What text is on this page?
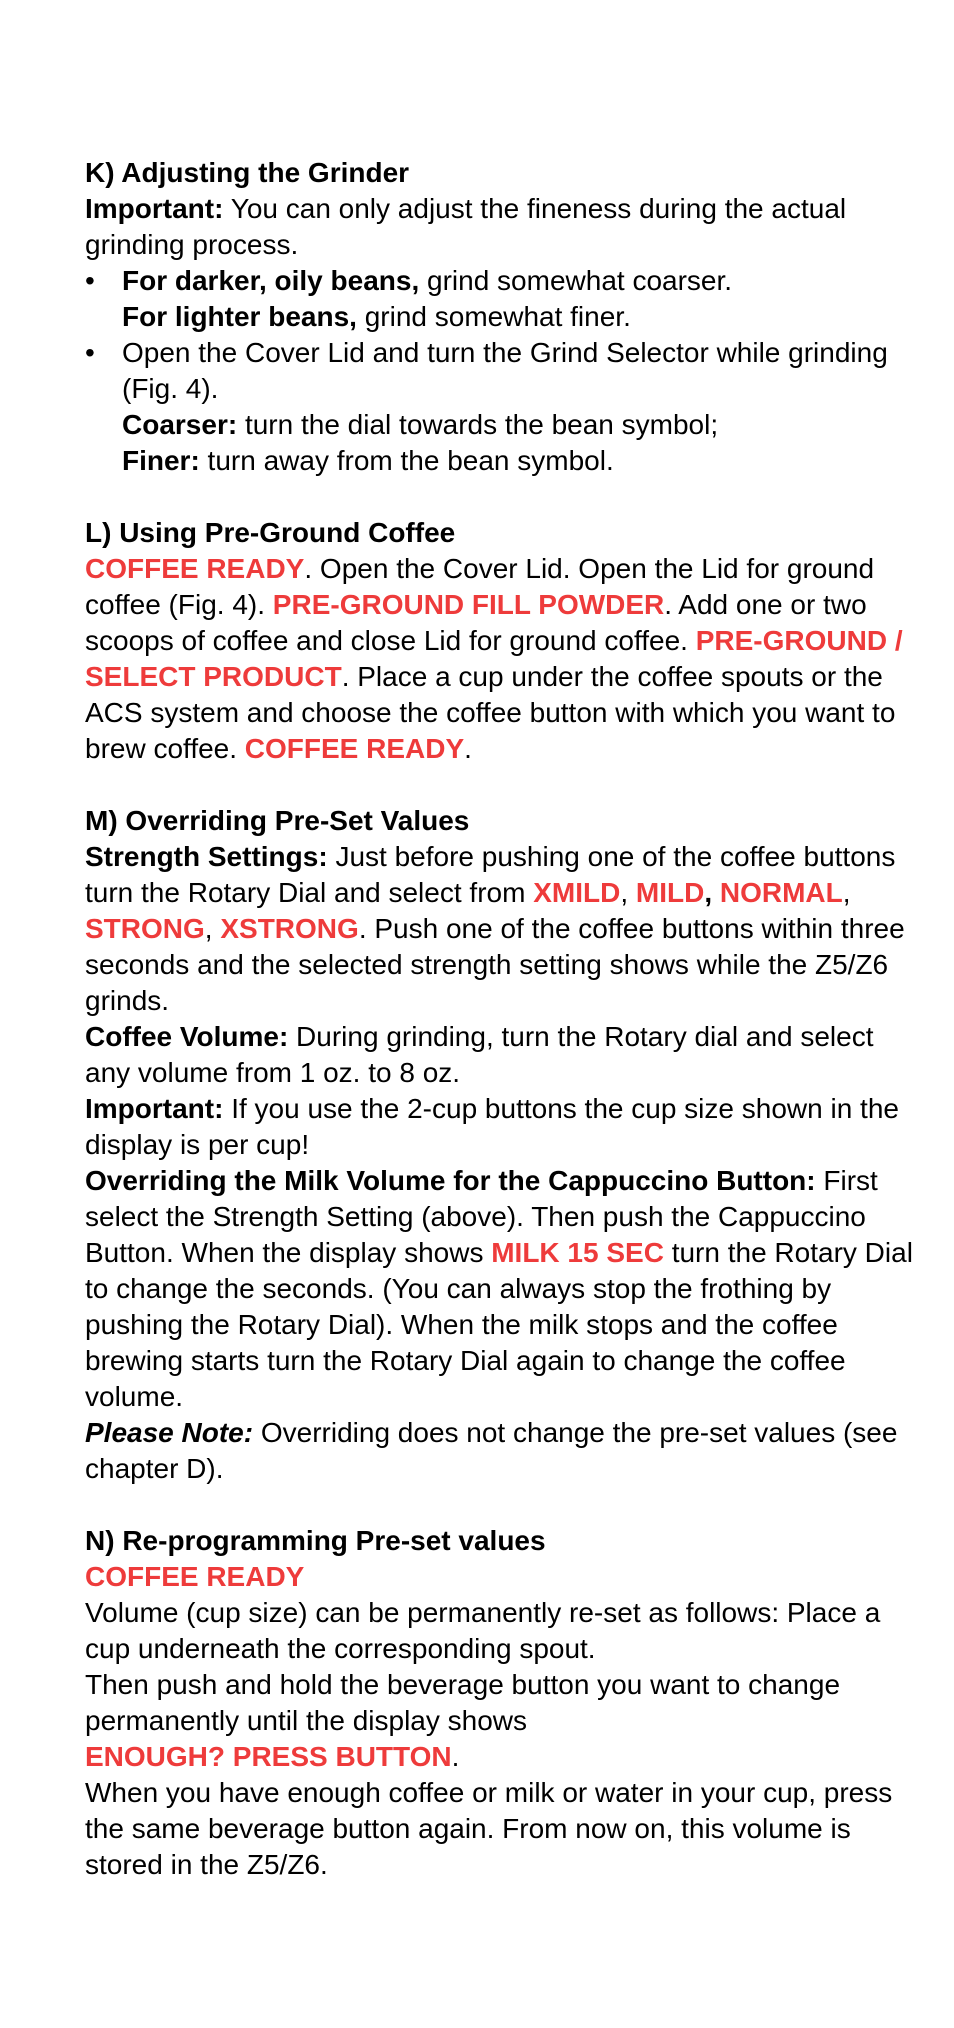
K) Adjusting the Grinder

Important: You can only adjust the fineness during the actual grinding process.

• For darker, oily beans, grind somewhat coarser.
For lighter beans, grind somewhat finer.
• Open the Cover Lid and turn the Grind Selector while grinding (Fig. 4).
Coarser: turn the dial towards the bean symbol;
Finer: turn away from the bean symbol.
L) Using Pre-Ground Coffee

COFFEE READY. Open the Cover Lid. Open the Lid for ground coffee (Fig. 4). PRE-GROUND FILL POWDER. Add one or two scoops of coffee and close Lid for ground coffee. PRE-GROUND / SELECT PRODUCT. Place a cup under the coffee spouts or the ACS system and choose the coffee button with which you want to brew coffee. COFFEE READY.

M) Overriding Pre-Set Values

Strength Settings: Just before pushing one of the coffee buttons turn the Rotary Dial and select from XMILD, MILD, NORMAL, STRONG, XSTRONG. Push one of the coffee buttons within three seconds and the selected strength setting shows while the Z5/Z6 grinds.

Coffee Volume: During grinding, turn the Rotary dial and select any volume from 1 oz. to 8 oz.

Important: If you use the 2-cup buttons the cup size shown in the display is per cup!

Overriding the Milk Volume for the Cappuccino Button: First select the Strength Setting (above). Then push the Cappuccino Button. When the display shows MILK 15 SEC turn the Rotary Dial to change the seconds. (You can always stop the frothing by pushing the Rotary Dial). When the milk stops and the coffee brewing starts turn the Rotary Dial again to change the coffee volume.

Please Note: Overriding does not change the pre-set values (see chapter D).

N) Re-programming Pre-set values

COFFEE READY

Volume (cup size) can be permanently re-set as follows: Place a cup underneath the corresponding spout.

Then push and hold the beverage button you want to change permanently until the display shows

ENOUGH? PRESS BUTTON.

When you have enough coffee or milk or water in your cup, press the same beverage button again. From now on, this volume is stored in the Z5/Z6.
